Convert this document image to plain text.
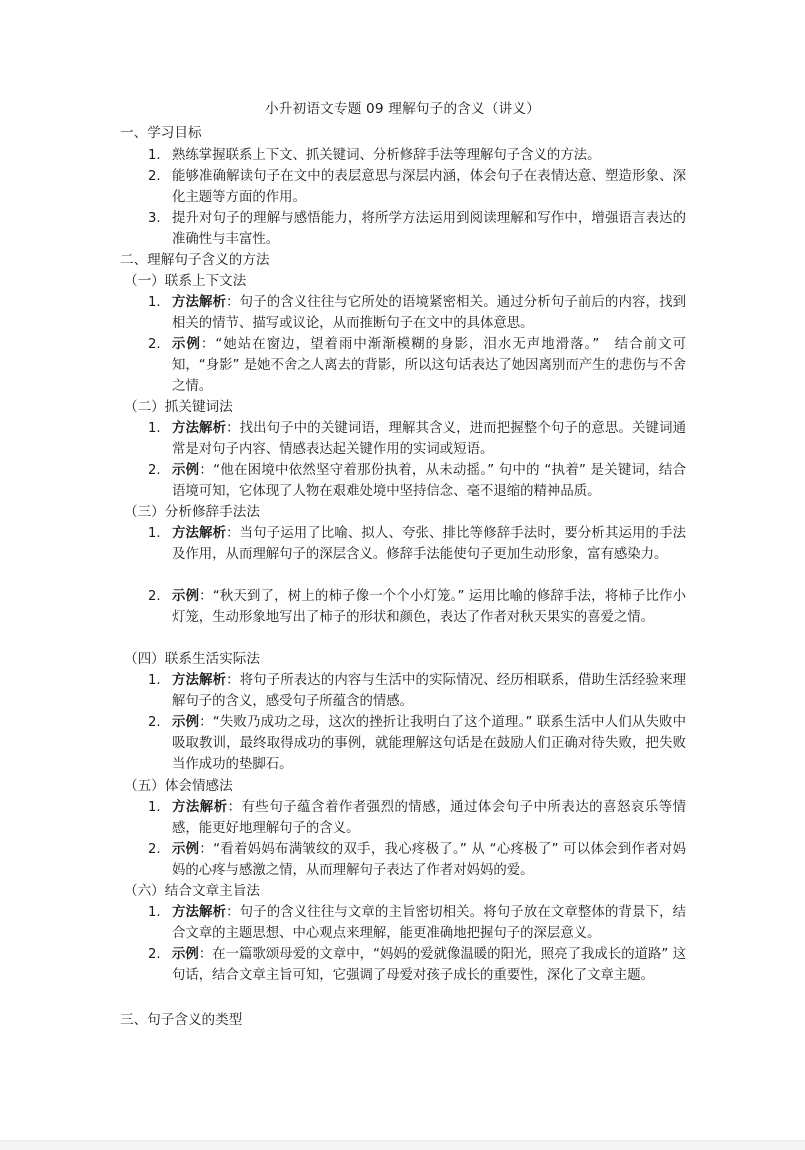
小升初语文专题 09 理解句子的含义（讲义）
一、学习目标
1. 熟练掌握联系上下文、抓关键词、分析修辞手法等理解句子含义的方法。
2. 能够准确解读句子在文中的表层意思与深层内涵，体会句子在表情达意、塑造形象、深化主题等方面的作用。
3. 提升对句子的理解与感悟能力，将所学方法运用到阅读理解和写作中，增强语言表达的准确性与丰富性。
二、理解句子含义的方法
（一）联系上下文法
1. 方法解析：句子的含义往往与它所处的语境紧密相关。通过分析句子前后的内容，找到相关的情节、描写或议论，从而推断句子在文中的具体意思。
2. 示例：“她站在窗边，望着雨中渐渐模糊的身影，泪水无声地滑落。”　结合前文可知，“身影” 是她不舍之人离去的背影，所以这句话表达了她因离别而产生的悲伤与不舍之情。
（二）抓关键词法
1. 方法解析：找出句子中的关键词语，理解其含义，进而把握整个句子的意思。关键词通常是对句子内容、情感表达起关键作用的实词或短语。
2. 示例：“他在困境中依然坚守着那份执着，从未动摇。” 句中的 “执着” 是关键词，结合语境可知，它体现了人物在艰难处境中坚持信念、毫不退缩的精神品质。
（三）分析修辞手法法
1. 方法解析：当句子运用了比喻、拟人、夸张、排比等修辞手法时，要分析其运用的手法及作用，从而理解句子的深层含义。修辞手法能使句子更加生动形象，富有感染力。
2. 示例：“秋天到了，树上的柿子像一个个小灯笼。” 运用比喻的修辞手法，将柿子比作小灯笼，生动形象地写出了柿子的形状和颜色，表达了作者对秋天果实的喜爱之情。
（四）联系生活实际法
1. 方法解析：将句子所表达的内容与生活中的实际情况、经历相联系，借助生活经验来理解句子的含义，感受句子所蕴含的情感。
2. 示例：“失败乃成功之母，这次的挫折让我明白了这个道理。” 联系生活中人们从失败中吸取教训，最终取得成功的事例，就能理解这句话是在鼓励人们正确对待失败，把失败当作成功的垫脚石。
（五）体会情感法
1. 方法解析：有些句子蕴含着作者强烈的情感，通过体会句子中所表达的喜怒哀乐等情感，能更好地理解句子的含义。
2. 示例：“看着妈妈布满皱纹的双手，我心疼极了。” 从 “心疼极了” 可以体会到作者对妈妈的心疼与感激之情，从而理解句子表达了作者对妈妈的爱。
（六）结合文章主旨法
1. 方法解析：句子的含义往往与文章的主旨密切相关。将句子放在文章整体的背景下，结合文章的主题思想、中心观点来理解，能更准确地把握句子的深层意义。
2. 示例：在一篇歌颂母爱的文章中，“妈妈的爱就像温暖的阳光，照亮了我成长的道路” 这句话，结合文章主旨可知，它强调了母爱对孩子成长的重要性，深化了文章主题。
三、句子含义的类型
